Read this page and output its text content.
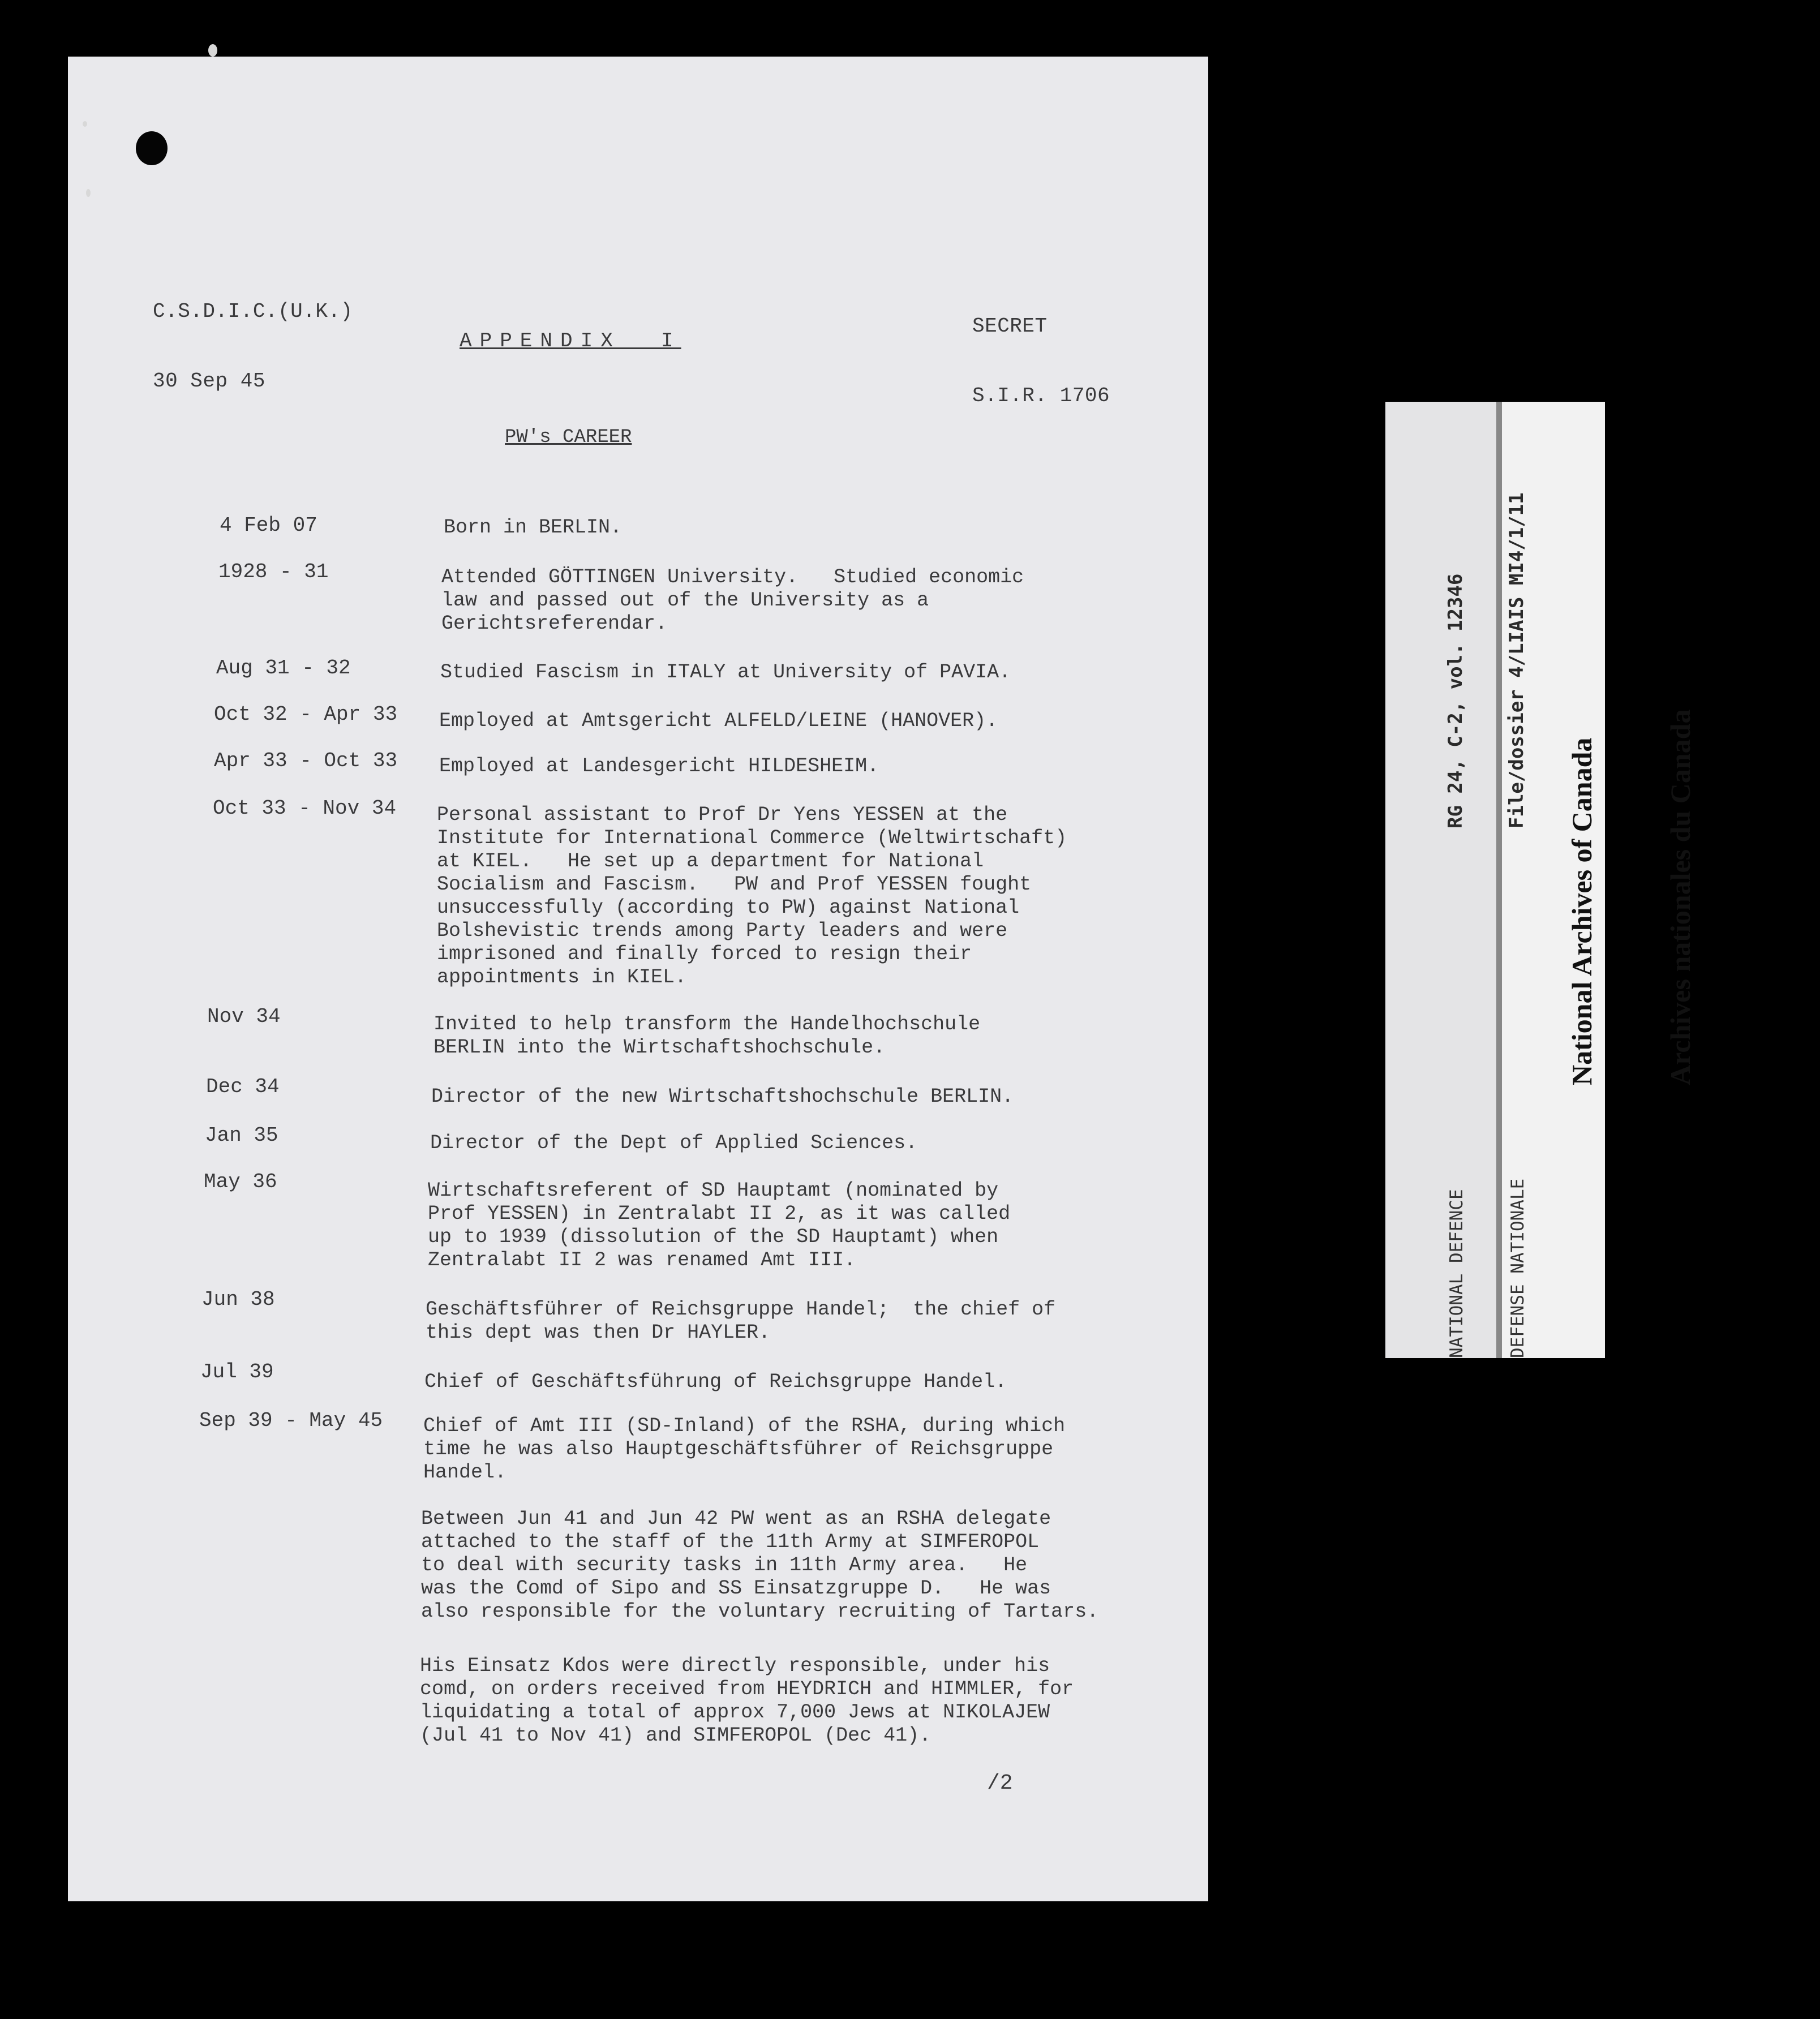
C.S.D.I.C.(U.K.)

30 Sep 45

SECRET

S.I.R. 1706

APPENDIX  I
PW's CAREER
4 Feb 07	Born in BERLIN.
1928 - 31	Attended GÖTTINGEN University.   Studied economic
law and passed out of the University as a
Gerichtsreferendar.
Aug 31 - 32	Studied Fascism in ITALY at University of PAVIA.
Oct 32 - Apr 33 Employed at Amtsgericht ALFELD/LEINE (HANOVER).
Apr 33 - Oct 33 Employed at Landesgericht HILDESHEIM.
Oct 33 - Nov 34 Personal assistant to Prof Dr Yens YESSEN at the
Institute for International Commerce (Weltwirtschaft)
at KIEL.   He set up a department for National
Socialism and Fascism.   PW and Prof YESSEN fought
unsuccessfully (according to PW) against National
Bolshevistic trends among Party leaders and were
imprisoned and finally forced to resign their
appointments in KIEL.
Nov 34	Invited to help transform the Handelhochschule
BERLIN into the Wirtschaftshochschule.
Dec 34	Director of the new Wirtschaftshochschule BERLIN.
Jan 35	Director of the Dept of Applied Sciences.
May 36	Wirtschaftsreferent of SD Hauptamt (nominated by
Prof YESSEN) in Zentralabt II 2, as it was called
up to 1939 (dissolution of the SD Hauptamt) when
Zentralabt II 2 was renamed Amt III.
Jun 38	Geschäftsführer of Reichsgruppe Handel;  the chief of
this dept was then Dr HAYLER.
Jul 39	Chief of Geschäftsführung of Reichsgruppe Handel.
Sep 39 - May 45 Chief of Amt III (SD-Inland) of the RSHA, during which
time he was also Hauptgeschäftsführer of Reichsgruppe
Handel.
Between Jun 41 and Jun 42 PW went as an RSHA delegate
attached to the staff of the 11th Army at SIMFEROPOL
to deal with security tasks in 11th Army area.   He
was the Comd of Sipo and SS Einsatzgruppe D.   He was
also responsible for the voluntary recruiting of Tartars.
His Einsatz Kdos were directly responsible, under his
comd, on orders received from HEYDRICH and HIMMLER, for
liquidating a total of approx 7,000 Jews at NIKOLAJEW
(Jul 41 to Nov 41) and SIMFEROPOL (Dec 41).
/2

RG 24, C-2, vol. 12346

File/dossier 4/LIAIS MI4/1/11

NATIONAL DEFENCE

DEFENSE NATIONALE

National Archives of Canada

Archives nationales du Canada
